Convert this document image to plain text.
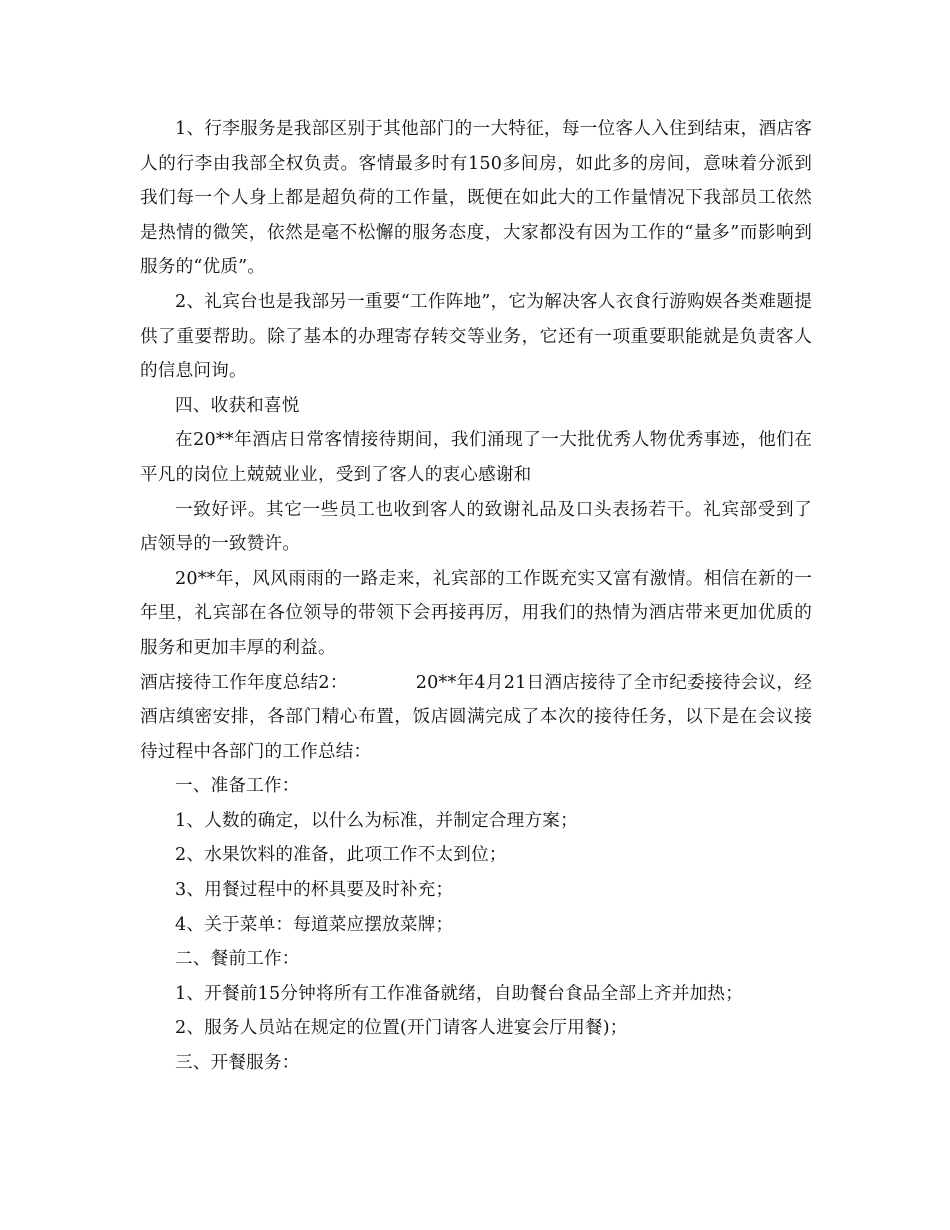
1、行李服务是我部区别于其他部门的一大特征，每一位客人入住到结束，酒店客人的行李由我部全权负责。客情最多时有150多间房，如此多的房间，意味着分派到我们每一个人身上都是超负荷的工作量，既便在如此大的工作量情况下我部员工依然是热情的微笑，依然是毫不松懈的服务态度，大家都没有因为工作的“量多”而影响到服务的“优质”。

2、礼宾台也是我部另一重要“工作阵地”，它为解决客人衣食行游购娱各类难题提供了重要帮助。除了基本的办理寄存转交等业务，它还有一项重要职能就是负责客人的信息问询。

四、收获和喜悦

在20**年酒店日常客情接待期间，我们涌现了一大批优秀人物优秀事迹，他们在平凡的岗位上兢兢业业，受到了客人的衷心感谢和

一致好评。其它一些员工也收到客人的致谢礼品及口头表扬若干。礼宾部受到了店领导的一致赞许。

20**年，风风雨雨的一路走来，礼宾部的工作既充实又富有激情。相信在新的一年里，礼宾部在各位领导的带领下会再接再厉，用我们的热情为酒店带来更加优质的服务和更加丰厚的利益。

酒店接待工作年度总结2：	20**年4月21日酒店接待了全市纪委接待会议，经酒店缜密安排，各部门精心布置，饭店圆满完成了本次的接待任务，以下是在会议接待过程中各部门的工作总结：

一、准备工作：

1、人数的确定，以什么为标准，并制定合理方案；

2、水果饮料的准备，此项工作不太到位；

3、用餐过程中的杯具要及时补充；

4、关于菜单：每道菜应摆放菜牌；

二、餐前工作：

1、开餐前15分钟将所有工作准备就绪，自助餐台食品全部上齐并加热；

2、服务人员站在规定的位置(开门请客人进宴会厅用餐)；

三、开餐服务：
